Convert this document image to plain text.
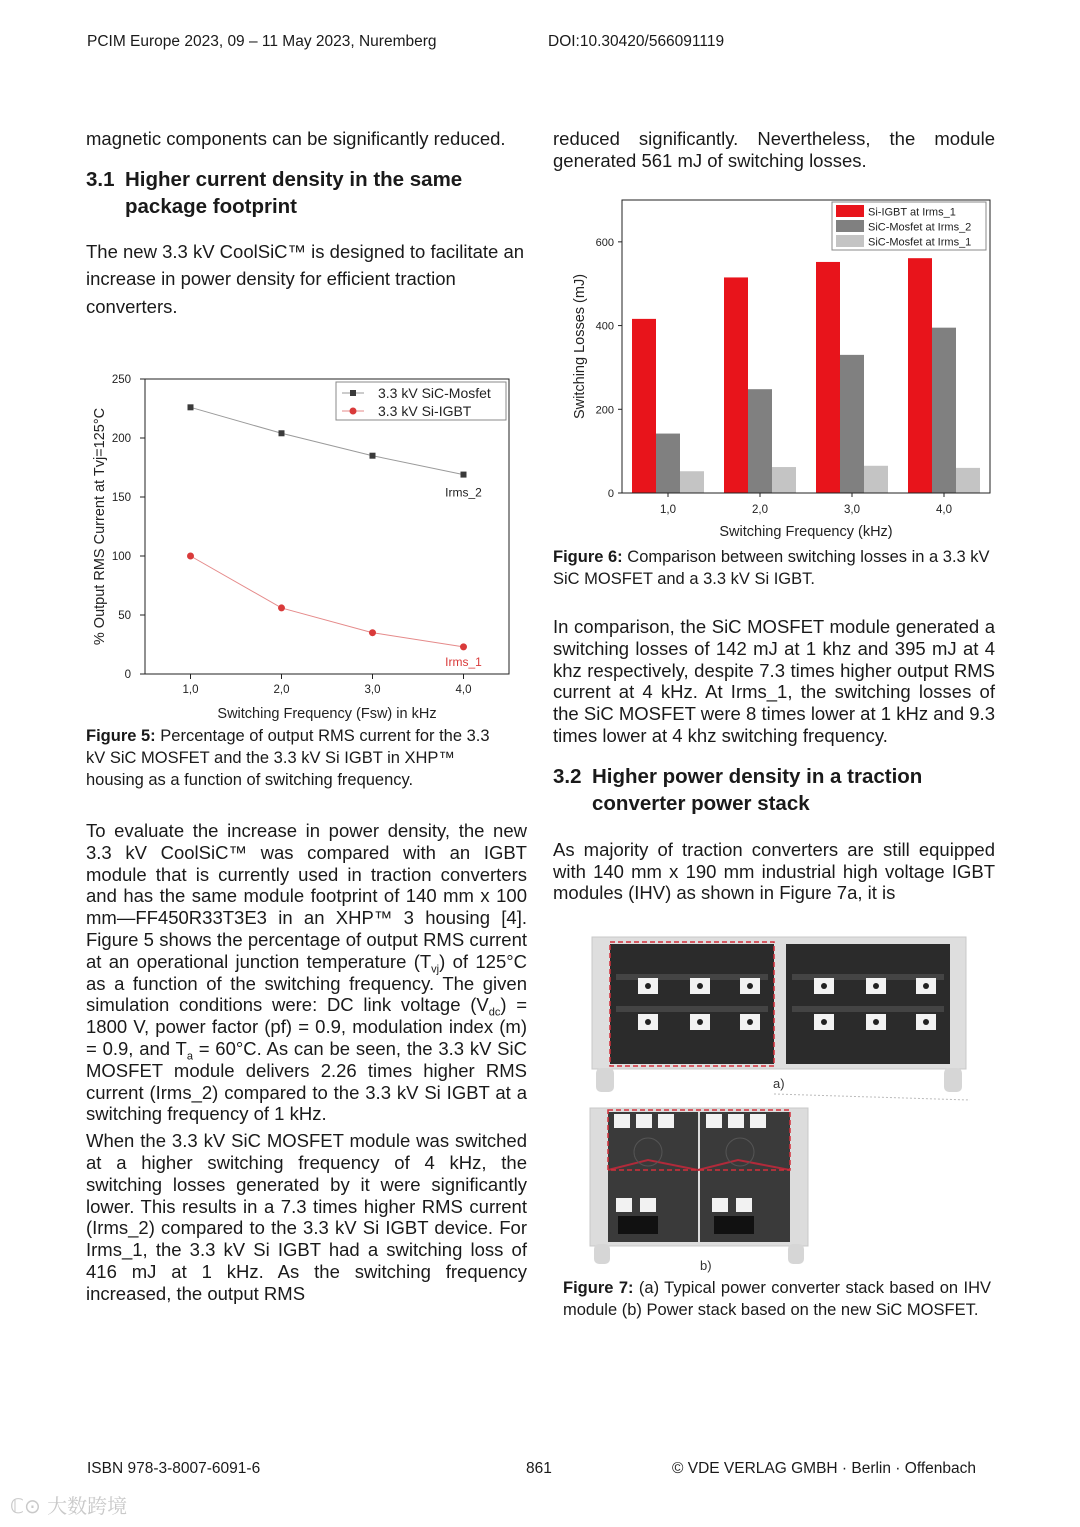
PCIM Europe 2023, 09 – 11 May 2023, Nuremberg	DOI:10.30420/566091119

magnetic components can be significantly reduced.

3.1 Higher current density in the same
package footprint

The new 3.3 kV CoolSiC™ is designed to facilitate an increase in power density for efficient traction converters.

0
50
100
150
200
250
1,0	2,0	3,0	4,0
Switching Frequency (Fsw) in kHz
% Output RMS Current at Tvj=125°C	Irms_2
Irms_1
3.3 kV SiC-Mosfet
3.3 kV Si-IGBT
Figure 5: Percentage of output RMS current for the 3.3 kV SiC MOSFET and the 3.3 kV Si IGBT in XHP™ housing as a function of switching frequency.

To evaluate the increase in power density, the new 3.3 kV CoolSiC™ was compared with an IGBT module that is currently used in traction converters and has the same module footprint of 140 mm x 100 mm—FF450R33T3E3 in an XHP™ 3 housing [4]. Figure 5 shows the percentage of output RMS current at an operational junction temperature $(T_{vj})$ of 125°C as a function of the switching frequency. The given simulation conditions were: DC link voltage $(V_{dc}) = 1800$ V, power factor (pf) = 0.9, modulation index (m) = 0.9, and $T_a = 60^\circ C$. As can be seen, the 3.3 kV SiC MOSFET module delivers 2.26 times higher RMS current (Irms_2) compared to the 3.3 kV Si IGBT at a switching frequency of 1 kHz.

When the 3.3 kV SiC MOSFET module was switched at a higher switching frequency of 4 kHz, the switching losses generated by it were significantly lower. This results in a 7.3 times higher RMS current (Irms_2) compared to the 3.3 kV Si IGBT device. For Irms_1, the 3.3 kV Si IGBT had a switching loss of 416 mJ at 1 kHz. As the switching frequency increased, the output RMS

reduced significantly. Nevertheless, the module generated 561 mJ of switching losses.

0
200
400
600
1,0	2,0	3,0	4,0
Switching Frequency (kHz)
Switching Losses (mJ)
Si-IGBT at Irms_1
SiC-Mosfet at Irms_2
SiC-Mosfet at Irms_1
Figure 6: Comparison between switching losses in a 3.3 kV SiC MOSFET and a 3.3 kV Si IGBT.

In comparison, the SiC MOSFET module generated a switching losses of 142 mJ at 1 khz and 395 mJ at 4 khz respectively, despite 7.3 times higher output RMS current at 4 kHz. At Irms_1, the switching losses of the SiC MOSFET were 8 times lower at 1 kHz and 9.3 times lower at 4 khz switching frequency.

3.2 Higher power density in a traction
converter power stack

As majority of traction converters are still equipped with 140 mm x 190 mm industrial high voltage IGBT modules (IHV) as shown in Figure 7a, it is

a)
b)
Figure 7: (a) Typical power converter stack based on IHV module (b) Power stack based on the new SiC MOSFET.
ISBN 978-3-8007-6091-6	861	© VDE VERLAG GMBH · Berlin · Offenbach
ℂ⊙ 大数跨境
